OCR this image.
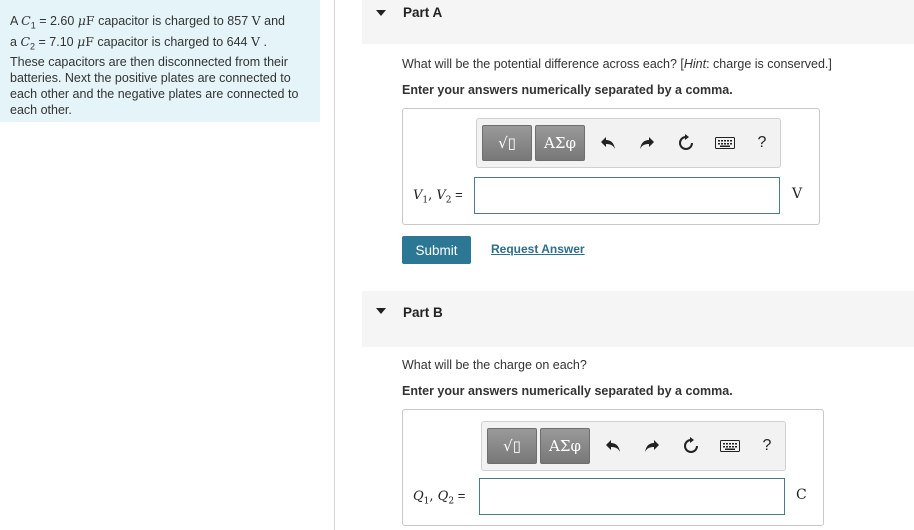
A $C_1 = 2.60$ μF capacitor is charged to 857 V and
a $C_2 = 7.10$ μF capacitor is charged to 644 V .
These capacitors are then disconnected from their batteries. Next the positive plates are connected to each other and the negative plates are connected to each other.
Part A
What will be the potential difference across each? [Hint: charge is conserved.]
Enter your answers numerically separated by a comma.
√▯	ΑΣφ	?
$V_1$, $V_2$ =	V
Submit	Request Answer
Part B
What will be the charge on each?
Enter your answers numerically separated by a comma.
√▯	ΑΣφ	?
$Q_1$, $Q_2$ =	C
